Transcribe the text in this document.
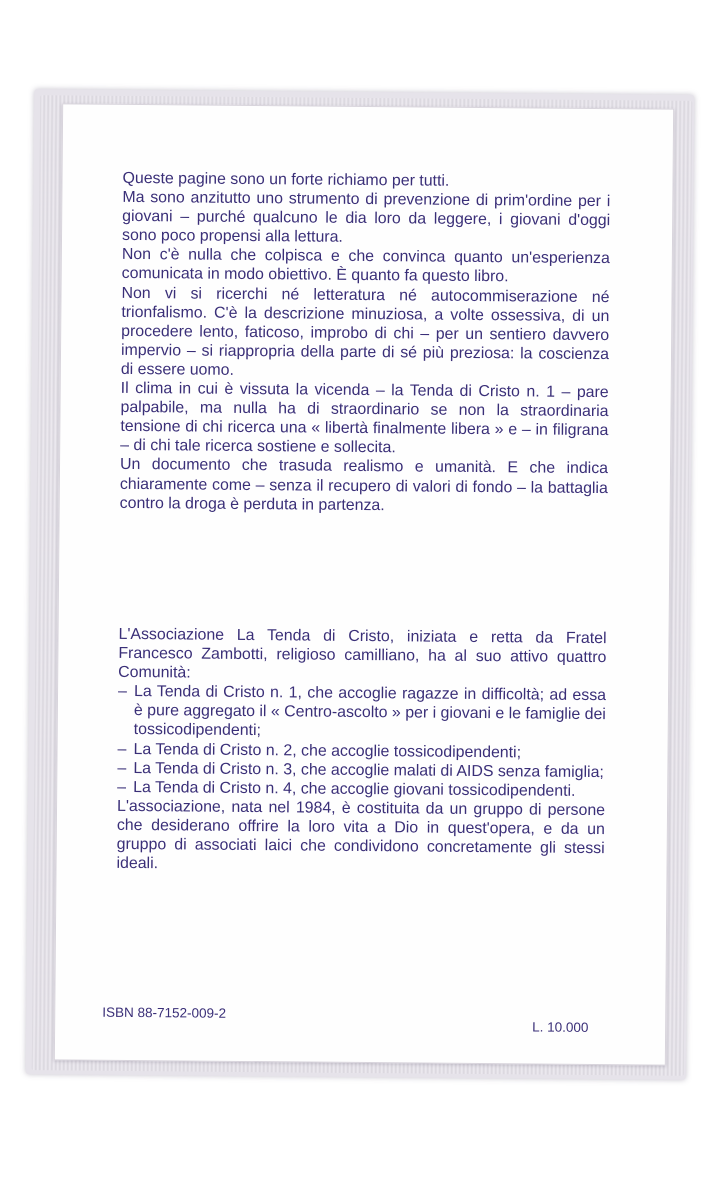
Queste pagine sono un forte richiamo per tutti.

Ma sono anzitutto uno strumento di prevenzione di prim'ordine per i giovani – purché qualcuno le dia loro da leggere, i giovani d'oggi sono poco propensi alla lettura.

Non c'è nulla che colpisca e che convinca quanto un'esperienza comunicata in modo obiettivo. È quanto fa questo libro.

Non vi si ricerchi né letteratura né autocommiserazione né trionfalismo. C'è la descrizione minuziosa, a volte ossessiva, di un procedere lento, faticoso, improbo di chi – per un sentiero davvero impervio – si riappropria della parte di sé più preziosa: la coscienza di essere uomo.

Il clima in cui è vissuta la vicenda – la Tenda di Cristo n. 1 – pare palpabile, ma nulla ha di straordinario se non la straordinaria tensione di chi ricerca una « libertà finalmente libera » e – in filigrana – di chi tale ricerca sostiene e sollecita.

Un documento che trasuda realismo e umanità. E che indica chiaramente come – senza il recupero di valori di fondo – la battaglia contro la droga è perduta in partenza.

L'Associazione La Tenda di Cristo, iniziata e retta da Fratel Francesco Zambotti, religioso camilliano, ha al suo attivo quattro Comunità:

– La Tenda di Cristo n. 1, che accoglie ragazze in difficoltà; ad essa è pure aggregato il « Centro-ascolto » per i giovani e le famiglie dei tossicodipendenti;
– La Tenda di Cristo n. 2, che accoglie tossicodipendenti;
– La Tenda di Cristo n. 3, che accoglie malati di AIDS senza famiglia;
– La Tenda di Cristo n. 4, che accoglie giovani tossicodipendenti.

L'associazione, nata nel 1984, è costituita da un gruppo di persone che desiderano offrire la loro vita a Dio in quest'opera, e da un gruppo di associati laici che condividono concretamente gli stessi ideali.

ISBN 88-7152-009-2
L. 10.000
